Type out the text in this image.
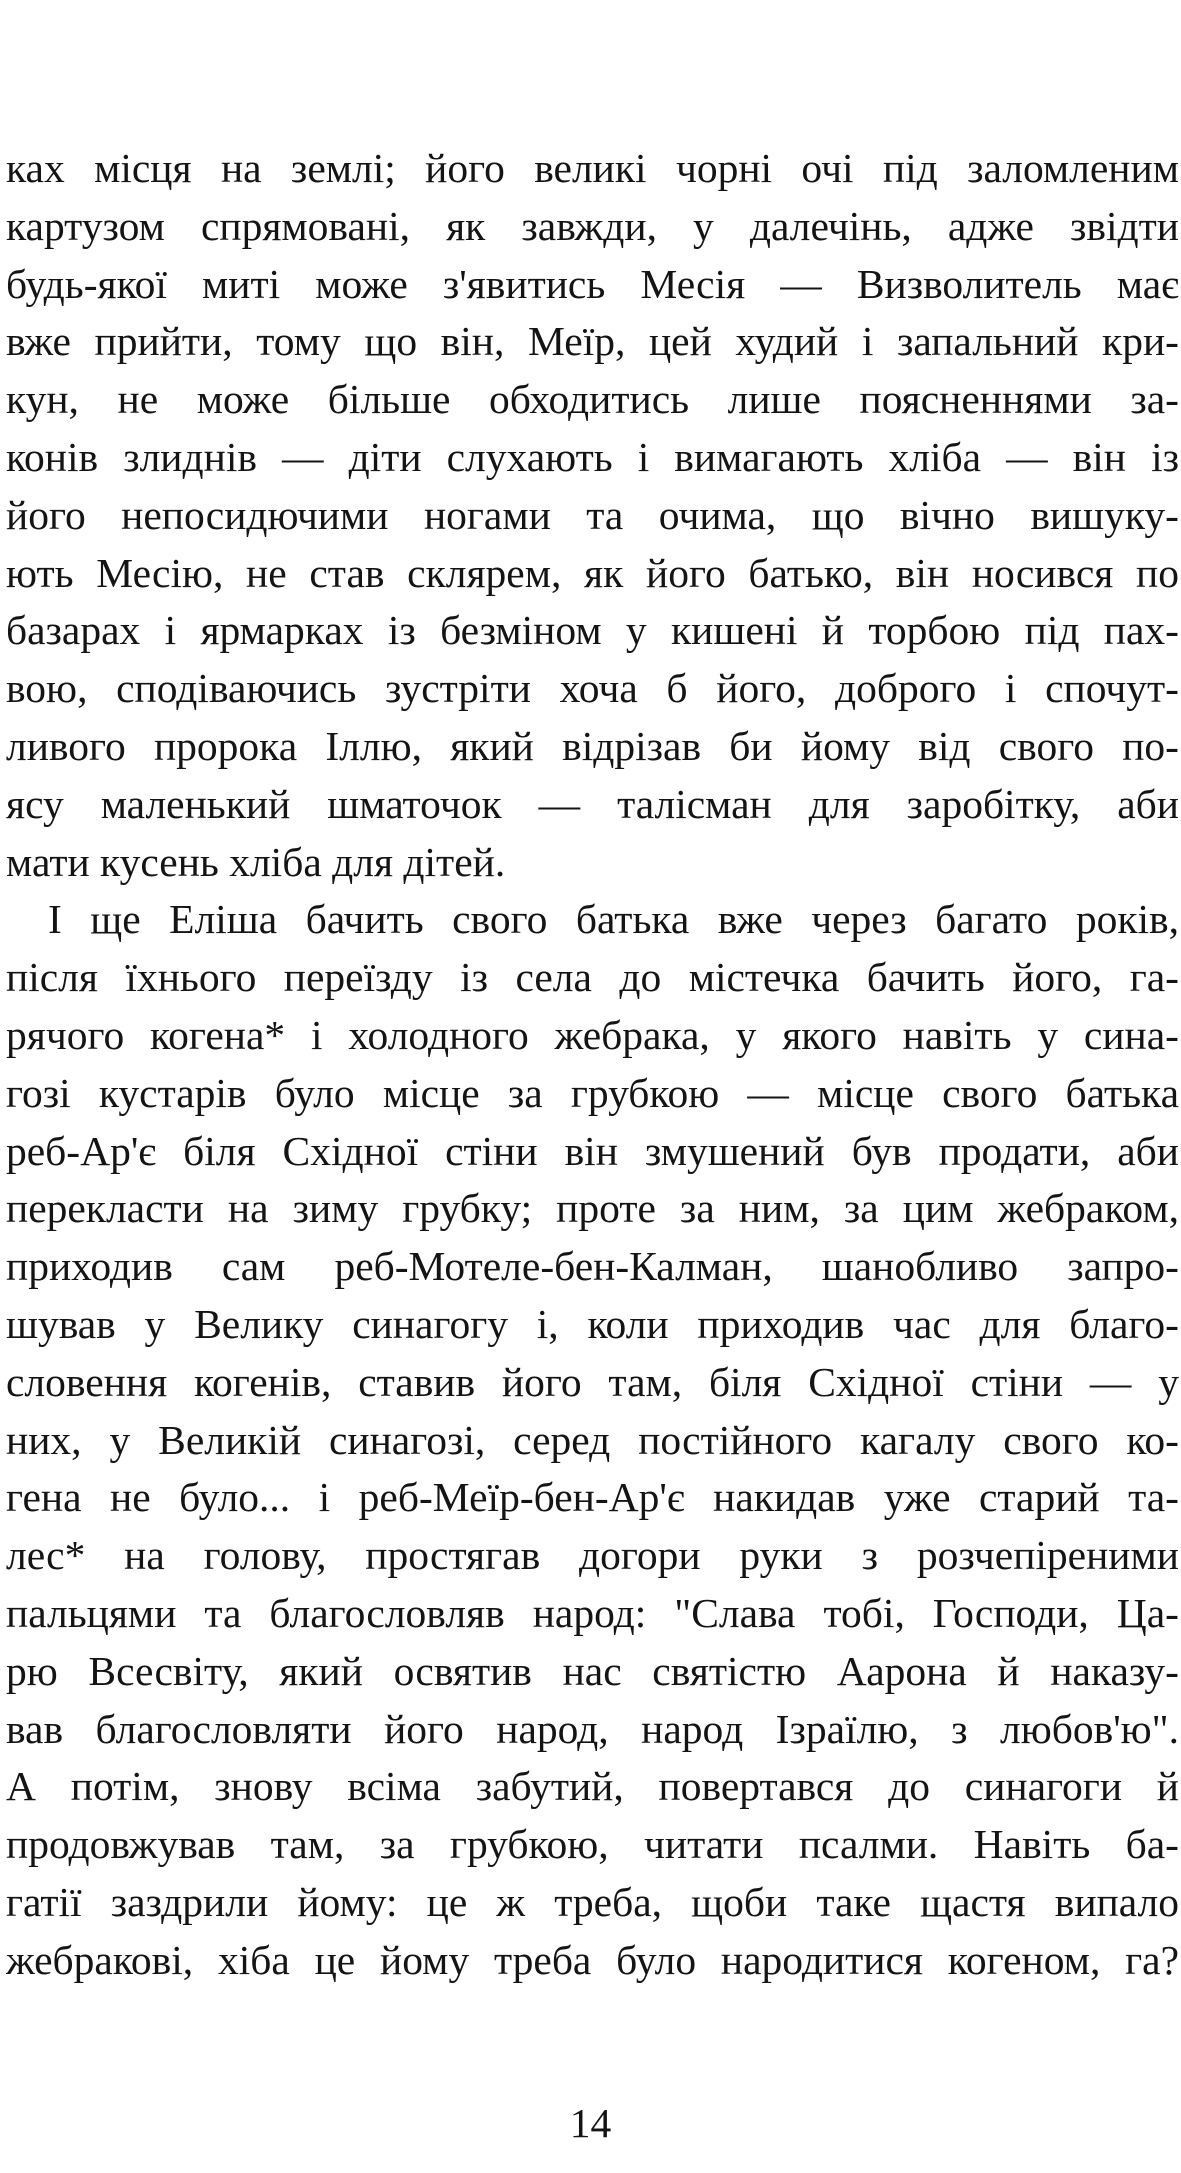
ках місця на землі; його великі чорні очі під заломленим
картузом спрямовані, як завжди, у далечінь, адже звідти
будь-якої миті може з'явитись Месія — Визволитель має
вже прийти, тому що він, Меїр, цей худий і запальний кри-
кун, не може більше обходитись лише поясненнями за-
конів злиднів — діти слухають і вимагають хліба — він із
його непосидючими ногами та очима, що вічно вишуку-
ють Месію, не став склярем, як його батько, він носився по
базарах і ярмарках із безміном у кишені й торбою під пах-
вою, сподіваючись зустріти хоча б його, доброго і спочут-
ливого пророка Іллю, який відрізав би йому від свого по-
ясу маленький шматочок — талісман для заробітку, аби
мати кусень хліба для дітей.
І ще Еліша бачить свого батька вже через багато років,
після їхнього переїзду із села до містечка бачить його, га-
рячого когена* і холодного жебрака, у якого навіть у сина-
гозі кустарів було місце за грубкою — місце свого батька
реб-Ар'є біля Східної стіни він змушений був продати, аби
перекласти на зиму грубку; проте за ним, за цим жебраком,
приходив сам реб-Мотеле-бен-Калман, шанобливо запро-
шував у Велику синагогу і, коли приходив час для благо-
словення когенів, ставив його там, біля Східної стіни — у
них, у Великій синагозі, серед постійного кагалу свого ко-
гена не було... і реб-Меїр-бен-Ар'є накидав уже старий та-
лес* на голову, простягав догори руки з розчепіреними
пальцями та благословляв народ: "Слава тобі, Господи, Ца-
рю Всесвіту, який освятив нас святістю Аарона й наказу-
вав благословляти його народ, народ Ізраїлю, з любов'ю".
А потім, знову всіма забутий, повертався до синагоги й
продовжував там, за грубкою, читати псалми. Навіть ба-
гатії заздрили йому: це ж треба, щоби таке щастя випало
жебракові, хіба це йому треба було народитися когеном, га?
14
